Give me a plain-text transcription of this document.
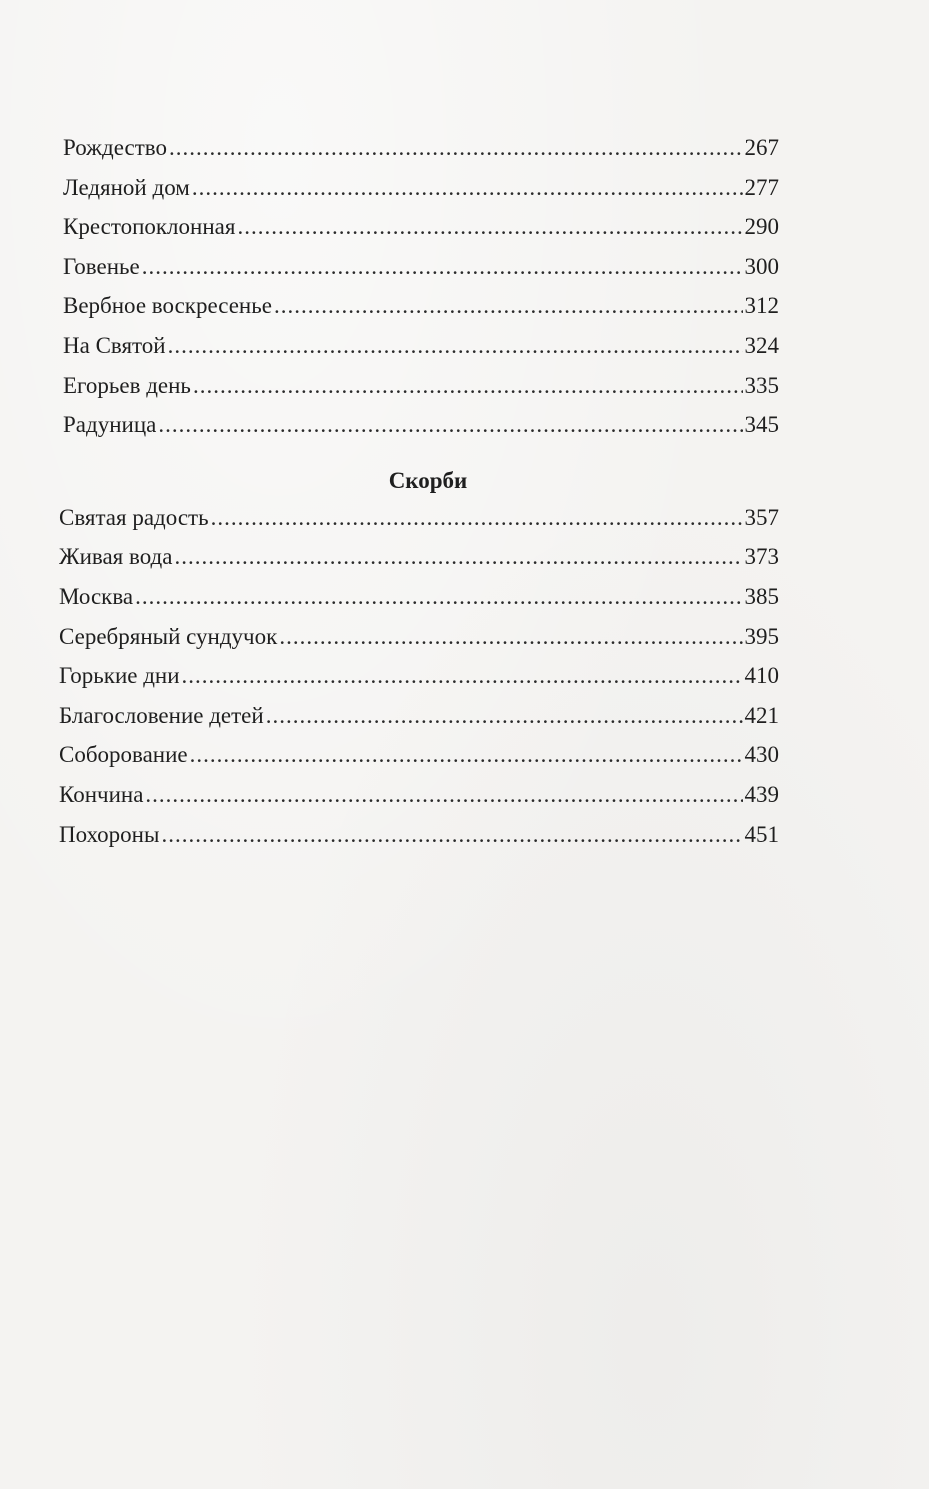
Рождество .....	267
Ледяной дом .....	277
Крестопоклонная .....	290
Говенье .....	300
Вербное воскресенье .....	312
На Святой .....	324
Егорьев день .....	335
Радуница .....	345
Скорби
Святая радость .....	357
Живая вода .....	373
Москва .....	385
Серебряный сундучок .....	395
Горькие дни .....	410
Благословение детей .....	421
Соборование .....	430
Кончина .....	439
Похороны .....	451
